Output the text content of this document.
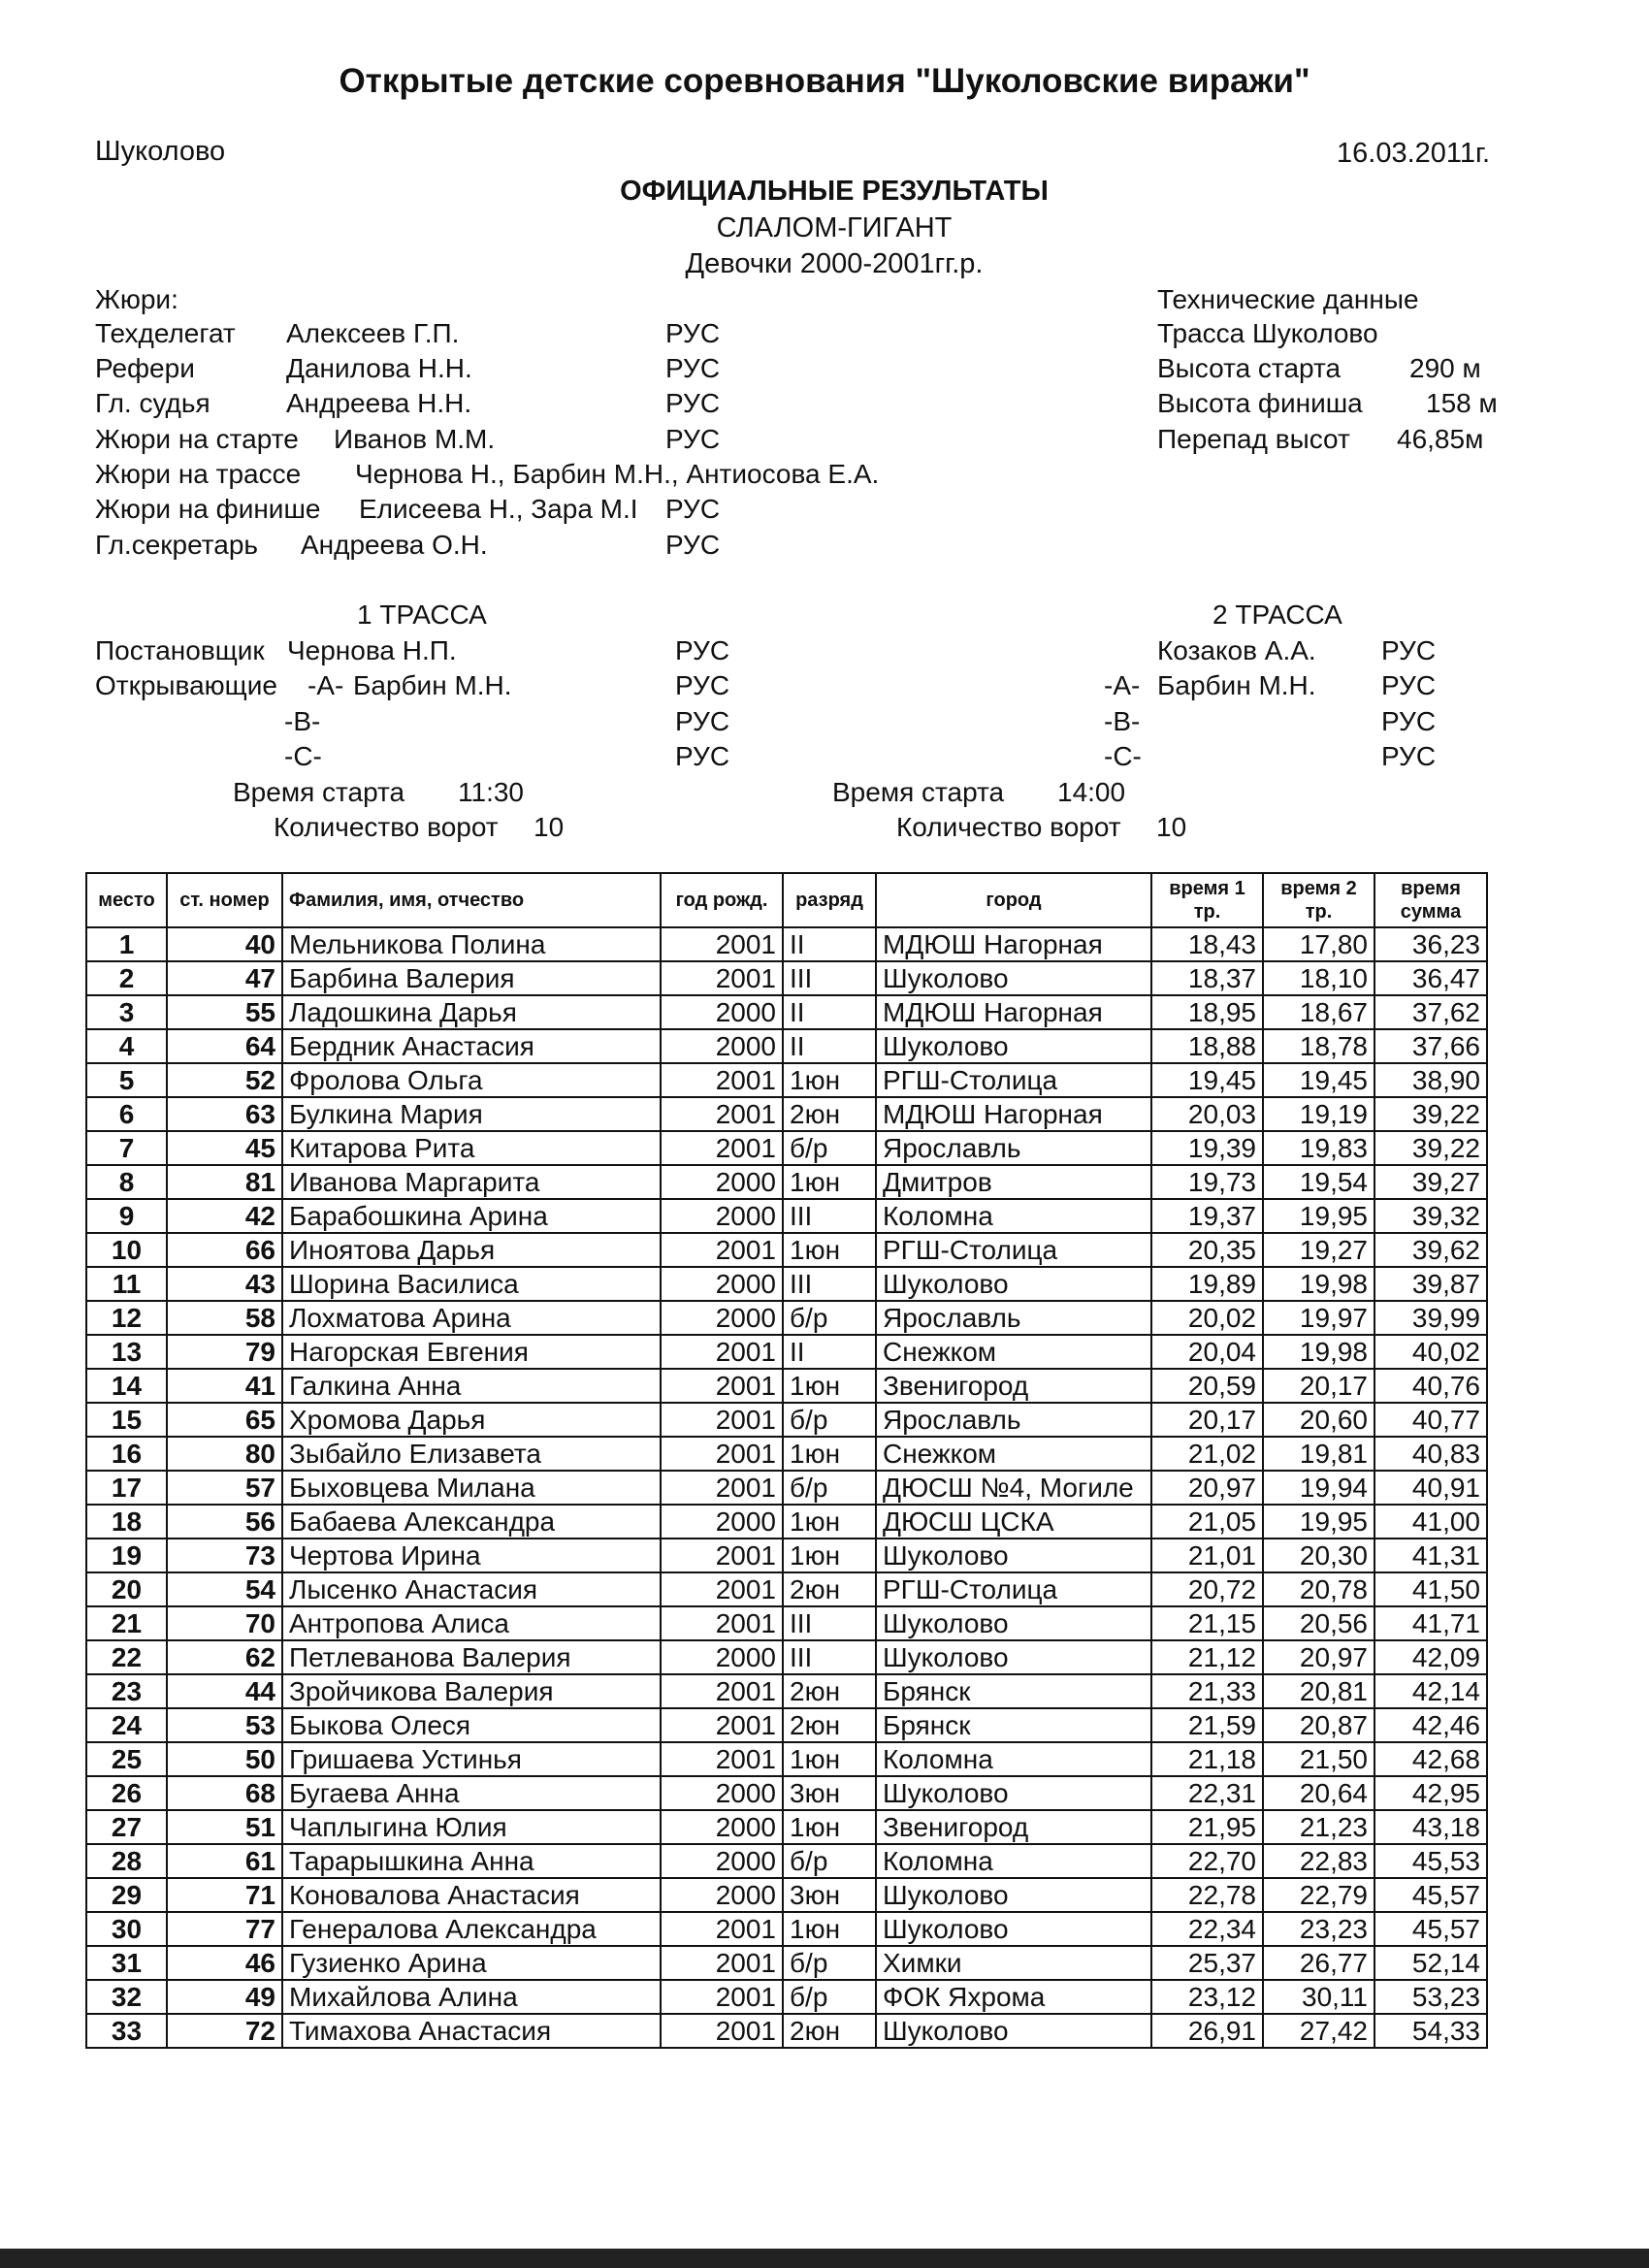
Открытые детские соревнования "Шуколовские виражи"
Шуколово	16.03.2011г.
ОФИЦИАЛЬНЫЕ РЕЗУЛЬТАТЫ
СЛАЛОМ-ГИГАНТ
Девочки 2000-2001гг.р.
Жюри:
Техделегат Алексеев Г.П.	РУС
Рефери	Данилова Н.Н.	РУС
Гл. судья	Андреева Н.Н.	РУС
Жюри на старте Иванов М.М.	РУС
Жюри на трассе Чернова Н., Барбин М.Н., Антиосова Е.А.
Жюри на финише Елисеева Н., Зара М.I	РУС
Гл.секретарь Андреева О.Н.	РУС
Технические данные
Трасса Шуколово
Высота старта	290 м
Высота финиша 158 м
Перепад высот 46,85м
1 ТРАССА	2 ТРАССА
Постановщик Чернова Н.П.	РУС	Козаков А.А. РУС
Открывающие -А- Барбин М.Н.	РУС	-А- Барбин М.Н. РУС
-В-	РУС	-В-	РУС
-С-	РУС	-С-	РУС
Время старта 11:30	Время старта 14:00
Количество ворот 10	Количество ворот 10
место	ст. номер	Фамилия, имя, отчество	год рожд.	разряд	город	время 1 тр.	время 2 тр.	время сумма
1	40	Мельникова Полина	2001	II	МДЮШ Нагорная	18,43	17,80	36,23
2	47	Барбина Валерия	2001	III	Шуколово	18,37	18,10	36,47
3	55	Ладошкина Дарья	2000	II	МДЮШ Нагорная	18,95	18,67	37,62
4	64	Бердник Анастасия	2000	II	Шуколово	18,88	18,78	37,66
5	52	Фролова Ольга	2001	1юн	РГШ-Столица	19,45	19,45	38,90
6	63	Булкина Мария	2001	2юн	МДЮШ Нагорная	20,03	19,19	39,22
7	45	Китарова Рита	2001	б/р	Ярославль	19,39	19,83	39,22
8	81	Иванова Маргарита	2000	1юн	Дмитров	19,73	19,54	39,27
9	42	Барабошкина Арина	2000	III	Коломна	19,37	19,95	39,32
10	66	Иноятова Дарья	2001	1юн	РГШ-Столица	20,35	19,27	39,62
11	43	Шорина Василиса	2000	III	Шуколово	19,89	19,98	39,87
12	58	Лохматова Арина	2000	б/р	Ярославль	20,02	19,97	39,99
13	79	Нагорская Евгения	2001	II	Снежком	20,04	19,98	40,02
14	41	Галкина Анна	2001	1юн	Звенигород	20,59	20,17	40,76
15	65	Хромова Дарья	2001	б/р	Ярославль	20,17	20,60	40,77
16	80	Зыбайло Елизавета	2001	1юн	Снежком	21,02	19,81	40,83
17	57	Быховцева Милана	2001	б/р	ДЮСШ №4, Могиле	20,97	19,94	40,91
18	56	Бабаева Александра	2000	1юн	ДЮСШ ЦСКА	21,05	19,95	41,00
19	73	Чертова Ирина	2001	1юн	Шуколово	21,01	20,30	41,31
20	54	Лысенко Анастасия	2001	2юн	РГШ-Столица	20,72	20,78	41,50
21	70	Антропова Алиса	2001	III	Шуколово	21,15	20,56	41,71
22	62	Петлеванова Валерия	2000	III	Шуколово	21,12	20,97	42,09
23	44	Зройчикова Валерия	2001	2юн	Брянск	21,33	20,81	42,14
24	53	Быкова Олеся	2001	2юн	Брянск	21,59	20,87	42,46
25	50	Гришаева Устинья	2001	1юн	Коломна	21,18	21,50	42,68
26	68	Бугаева Анна	2000	3юн	Шуколово	22,31	20,64	42,95
27	51	Чаплыгина Юлия	2000	1юн	Звенигород	21,95	21,23	43,18
28	61	Тарарышкина Анна	2000	б/р	Коломна	22,70	22,83	45,53
29	71	Коновалова Анастасия	2000	3юн	Шуколово	22,78	22,79	45,57
30	77	Генералова Александра	2001	1юн	Шуколово	22,34	23,23	45,57
31	46	Гузиенко Арина	2001	б/р	Химки	25,37	26,77	52,14
32	49	Михайлова Алина	2001	б/р	ФОК Яхрома	23,12	30,11	53,23
33	72	Тимахова Анастасия	2001	2юн	Шуколово	26,91	27,42	54,33
